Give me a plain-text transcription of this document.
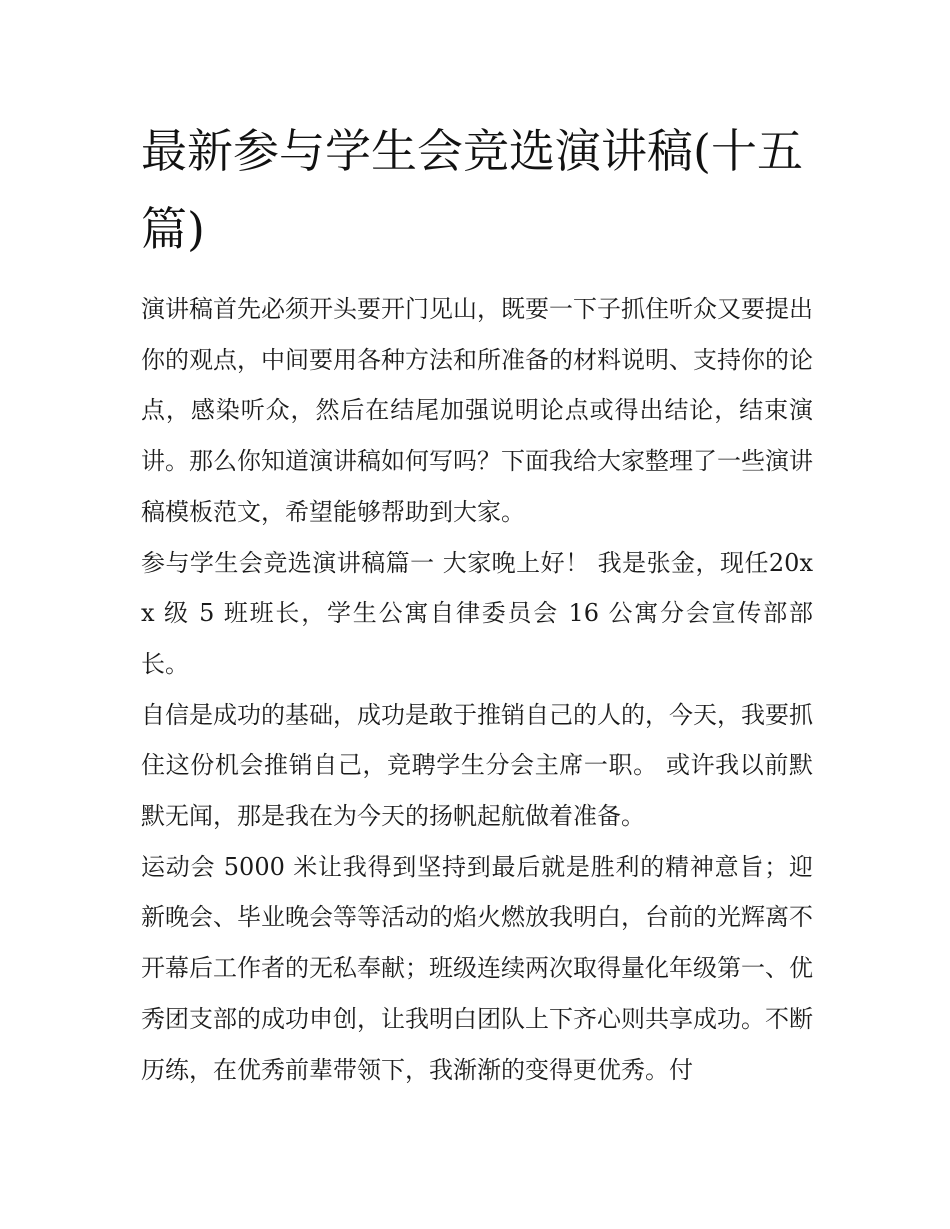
最新参与学生会竞选演讲稿(十五篇)

演讲稿首先必须开头要开门见山，既要一下子抓住听众又要提出你的观点，中间要用各种方法和所准备的材料说明、支持你的论点，感染听众，然后在结尾加强说明论点或得出结论，结束演讲。那么你知道演讲稿如何写吗？下面我给大家整理了一些演讲稿模板范文，希望能够帮助到大家。

参与学生会竞选演讲稿篇一 大家晚上好！ 我是张金，现任20xx 级 5 班班长，学生公寓自律委员会 16 公寓分会宣传部部长。

自信是成功的基础，成功是敢于推销自己的人的，今天，我要抓住这份机会推销自己，竞聘学生分会主席一职。 或许我以前默默无闻，那是我在为今天的扬帆起航做着准备。

运动会 5000 米让我得到坚持到最后就是胜利的精神意旨；迎新晚会、毕业晚会等等活动的焰火燃放我明白，台前的光辉离不开幕后工作者的无私奉献；班级连续两次取得量化年级第一、优秀团支部的成功申创，让我明白团队上下齐心则共享成功。不断历练，在优秀前辈带领下，我渐渐的变得更优秀。付
